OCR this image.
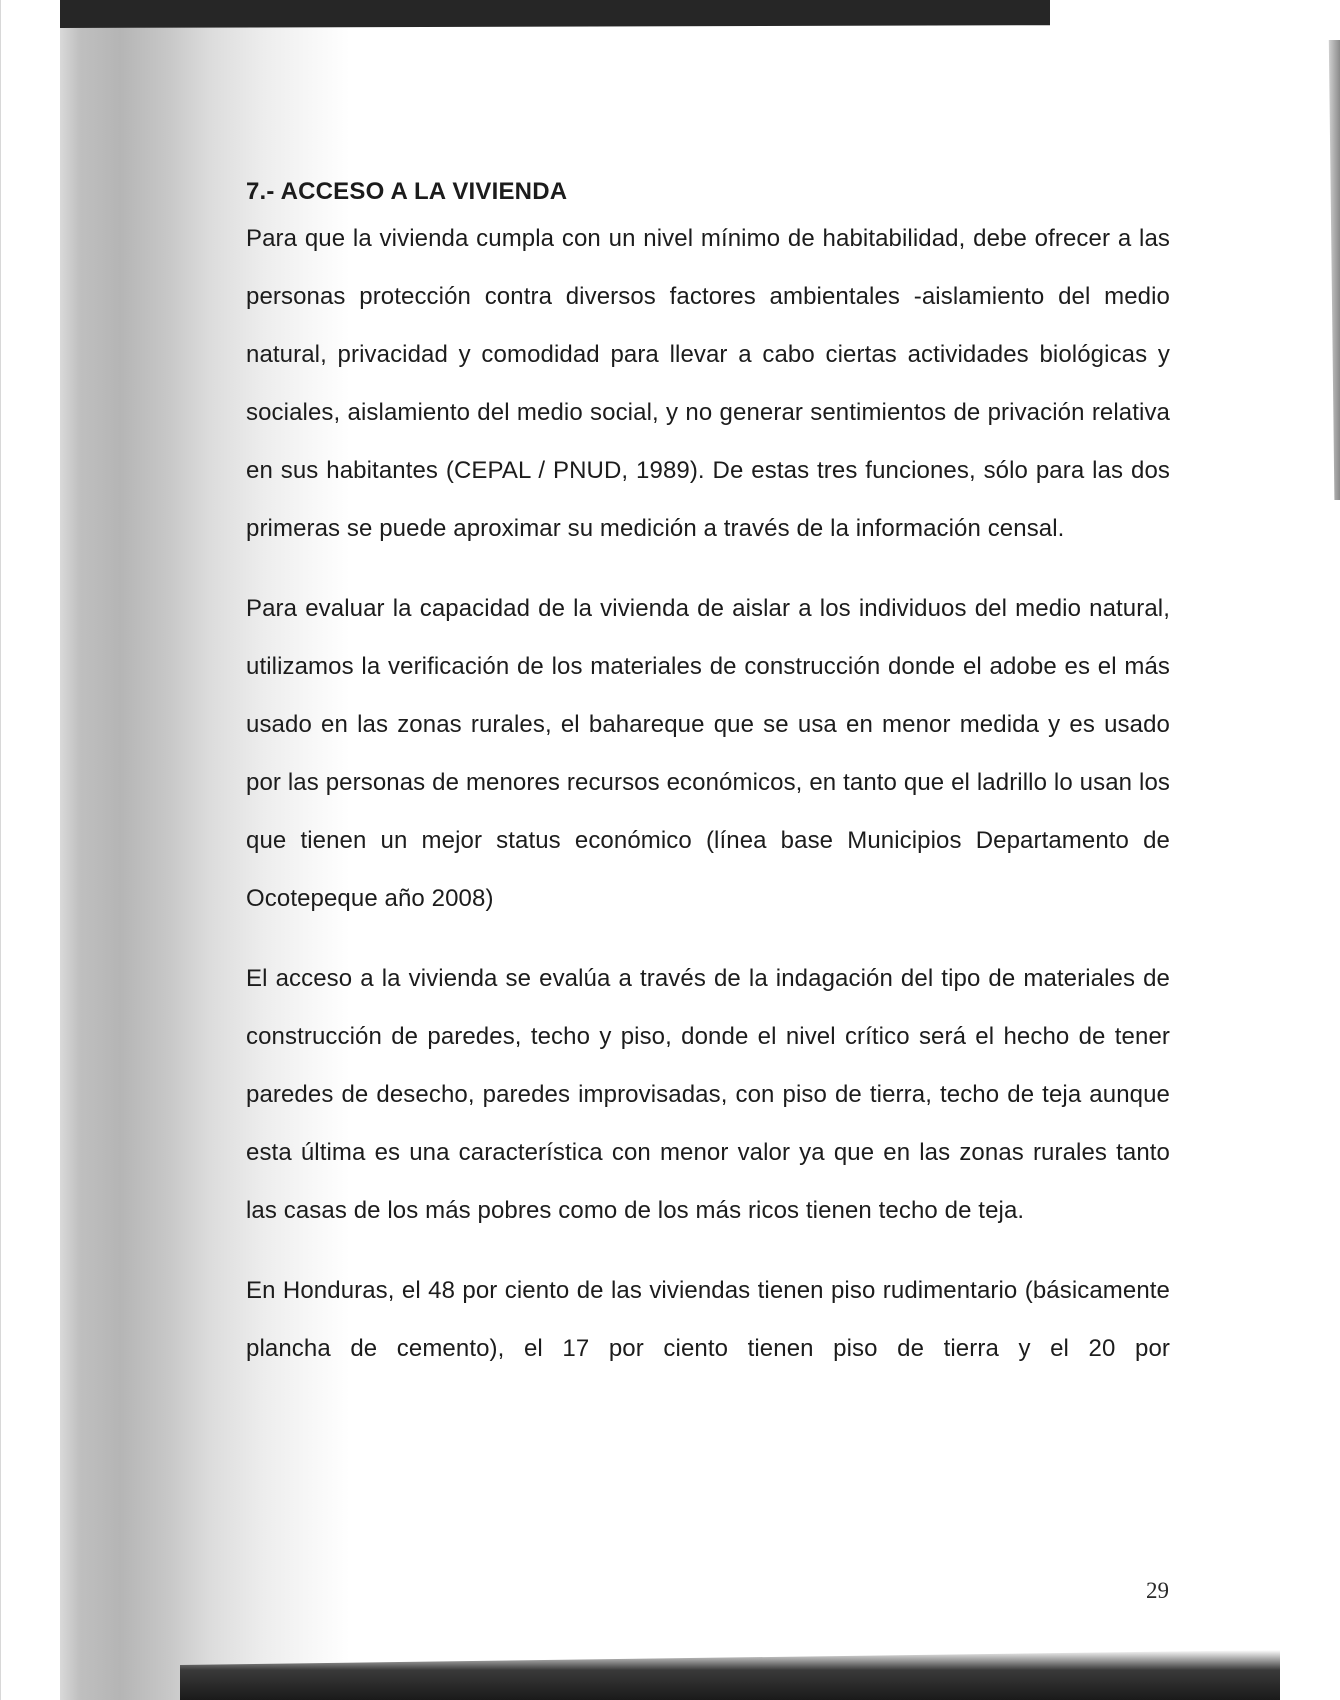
7.- ACCESO A LA VIVIENDA

Para que la vivienda cumpla con un nivel mínimo de habitabilidad, debe ofrecer a las personas protección contra diversos factores ambientales -aislamiento del medio natural, privacidad y comodidad para llevar a cabo ciertas actividades biológicas y sociales, aislamiento del medio social, y no generar sentimientos de privación relativa en sus habitantes (CEPAL / PNUD, 1989). De estas tres funciones, sólo para las dos primeras se puede aproximar su medición a través de la información censal.

Para evaluar la capacidad de la vivienda de aislar a los individuos del medio natural, utilizamos la verificación de los materiales de construcción donde el adobe es el más usado en las zonas rurales, el bahareque que se usa en menor medida y es usado por las personas de menores recursos económicos, en tanto que el ladrillo lo usan los que tienen un mejor status económico (línea base Municipios Departamento de Ocotepeque año 2008)

El acceso a la vivienda se evalúa a través de la indagación del tipo de materiales de construcción de paredes, techo y piso, donde el nivel crítico será el hecho de tener paredes de desecho, paredes improvisadas, con piso de tierra, techo de teja aunque esta última es una característica con menor valor ya que en las zonas rurales tanto las casas de los más pobres como de los más ricos tienen techo de teja.

En Honduras, el 48 por ciento de las viviendas tienen piso rudimentario (básicamente plancha de cemento), el 17 por ciento tienen piso de tierra y el 20 por

29
